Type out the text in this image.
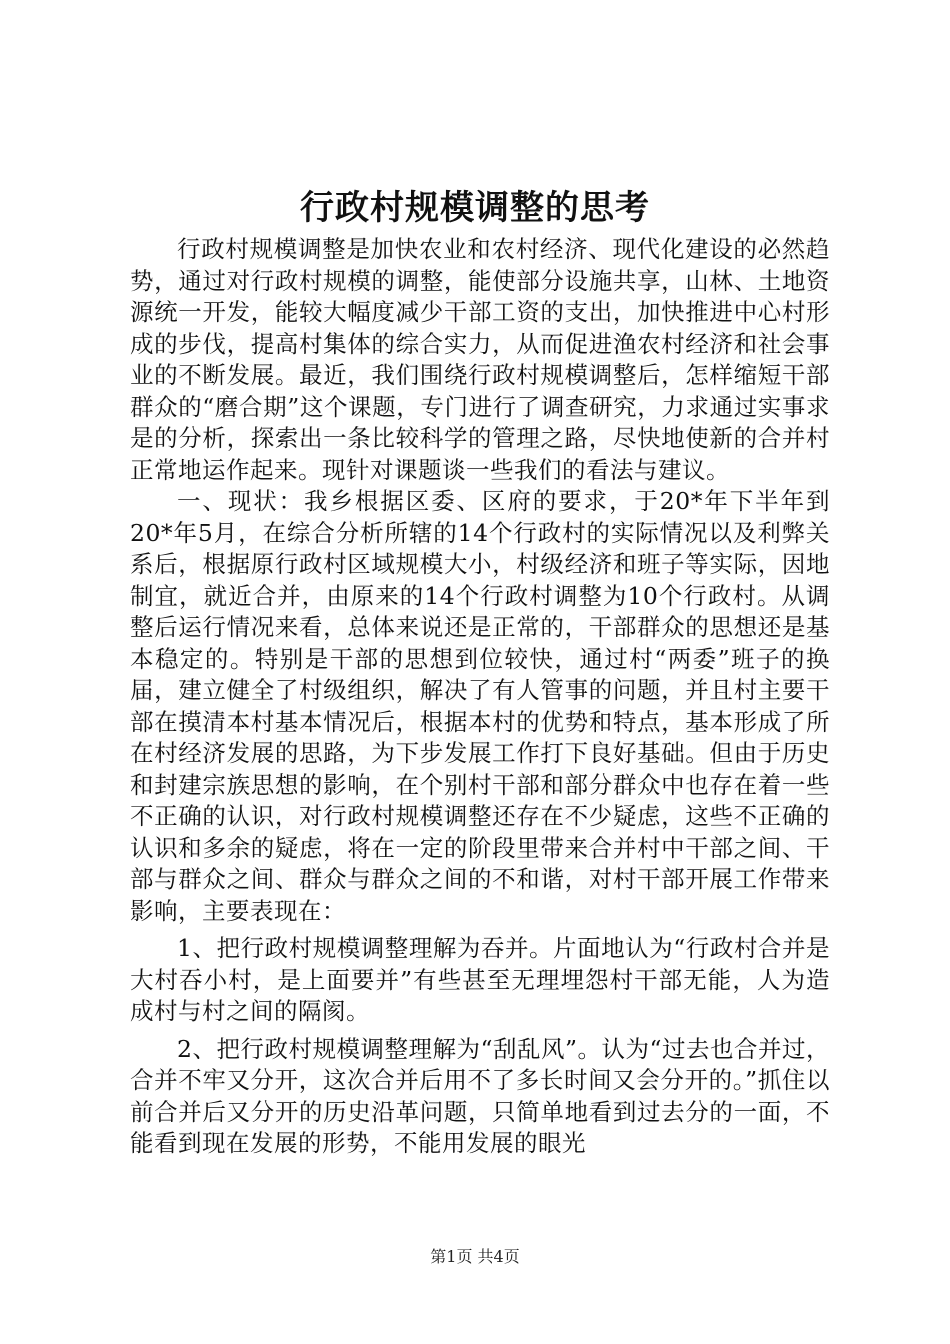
行政村规模调整的思考

行政村规模调整是加快农业和农村经济、现代化建设的必然趋势，通过对行政村规模的调整，能使部分设施共享，山林、土地资源统一开发，能较大幅度减少干部工资的支出，加快推进中心村形成的步伐，提高村集体的综合实力，从而促进渔农村经济和社会事业的不断发展。最近，我们围绕行政村规模调整后，怎样缩短干部群众的“磨合期”这个课题，专门进行了调查研究，力求通过实事求是的分析，探索出一条比较科学的管理之路，尽快地使新的合并村正常地运作起来。现针对课题谈一些我们的看法与建议。

一、现状：我乡根据区委、区府的要求，于20*年下半年到20*年5月，在综合分析所辖的14个行政村的实际情况以及利弊关系后，根据原行政村区域规模大小，村级经济和班子等实际，因地制宜，就近合并，由原来的14个行政村调整为10个行政村。从调整后运行情况来看，总体来说还是正常的，干部群众的思想还是基本稳定的。特别是干部的思想到位较快，通过村“两委”班子的换届，建立健全了村级组织，解决了有人管事的问题，并且村主要干部在摸清本村基本情况后，根据本村的优势和特点，基本形成了所在村经济发展的思路，为下步发展工作打下良好基础。但由于历史和封建宗族思想的影响，在个别村干部和部分群众中也存在着一些不正确的认识，对行政村规模调整还存在不少疑虑，这些不正确的认识和多余的疑虑，将在一定的阶段里带来合并村中干部之间、干部与群众之间、群众与群众之间的不和谐，对村干部开展工作带来影响，主要表现在：

1、把行政村规模调整理解为吞并。片面地认为“行政村合并是大村吞小村，是上面要并”有些甚至无理埋怨村干部无能，人为造成村与村之间的隔阂。

2、把行政村规模调整理解为“刮乱风”。认为“过去也合并过，合并不牢又分开，这次合并后用不了多长时间又会分开的。”抓住以前合并后又分开的历史沿革问题，只简单地看到过去分的一面，不能看到现在发展的形势，不能用发展的眼光

第1页 共4页
